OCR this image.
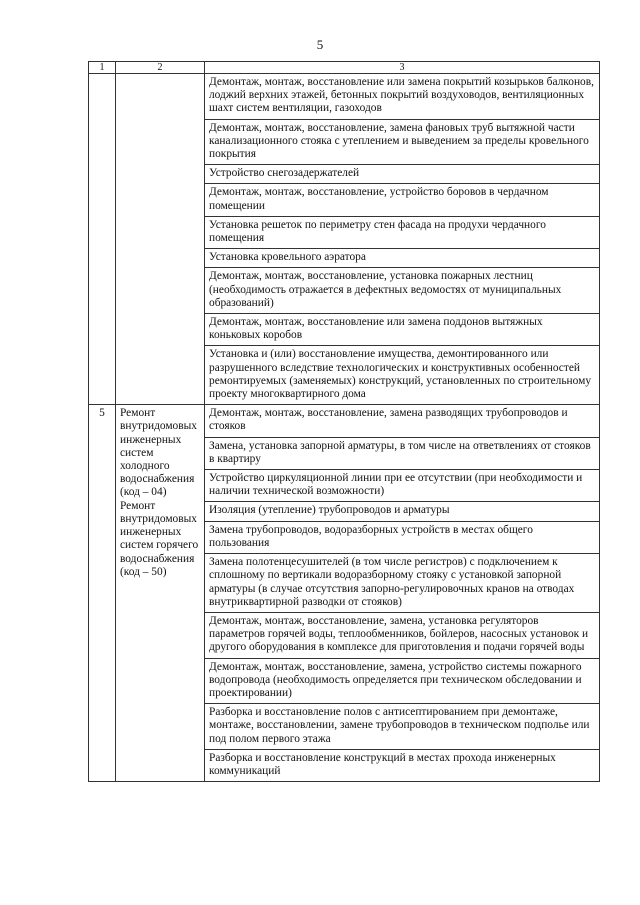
5
1	2	3
		Демонтаж, монтаж, восстановление или замена покрытий козырьков балконов, лоджий верхних этажей, бетонных покрытий воздуховодов, вентиляционных шахт систем вентиляции, газоходов
		Демонтаж, монтаж, восстановление, замена фановых труб вытяжной части канализационного стояка с утеплением и выведением за пределы кровельного покрытия
		Устройство снегозадержателей
		Демонтаж, монтаж, восстановление, устройство боровов в чердачном помещении
		Установка решеток по периметру стен фасада на продухи чердачного помещения
		Установка кровельного аэратора
		Демонтаж, монтаж, восстановление, установка пожарных лестниц (необходимость отражается в дефектных ведомостях от муниципальных образований)
		Демонтаж, монтаж, восстановление или замена поддонов вытяжных коньковых коробов
		Установка и (или) восстановление имущества, демонтированного или разрушенного вследствие технологических и конструктивных особенностей ремонтируемых (заменяемых) конструкций, установленных по строительному проекту многоквартирного дома
5	Ремонт внутридомовых инженерных систем холодного водоснабжения (код – 04) Ремонт внутридомовых инженерных систем горячего водоснабжения (код – 50)	Демонтаж, монтаж, восстановление, замена разводящих трубопроводов и стояков
		Замена, установка запорной арматуры, в том числе на ответвлениях от стояков в квартиру
		Устройство циркуляционной линии при ее отсутствии (при необходимости и наличии технической возможности)
		Изоляция (утепление) трубопроводов и арматуры
		Замена трубопроводов, водоразборных устройств в местах общего пользования
		Замена полотенцесушителей (в том числе регистров) с подключением к сплошному по вертикали водоразборному стояку с установкой запорной арматуры (в случае отсутствия запорно-регулировочных кранов на отводах внутриквартирной разводки от стояков)
		Демонтаж, монтаж, восстановление, замена, установка регуляторов параметров горячей воды, теплообменников, бойлеров, насосных установок и другого оборудования в комплексе для приготовления и подачи горячей воды
		Демонтаж, монтаж, восстановление, замена, устройство системы пожарного водопровода (необходимость определяется при техническом обследовании и проектировании)
		Разборка и восстановление полов с антисептированием при демонтаже, монтаже, восстановлении, замене трубопроводов в техническом подполье или под полом первого этажа
		Разборка и восстановление конструкций в местах прохода инженерных коммуникаций
